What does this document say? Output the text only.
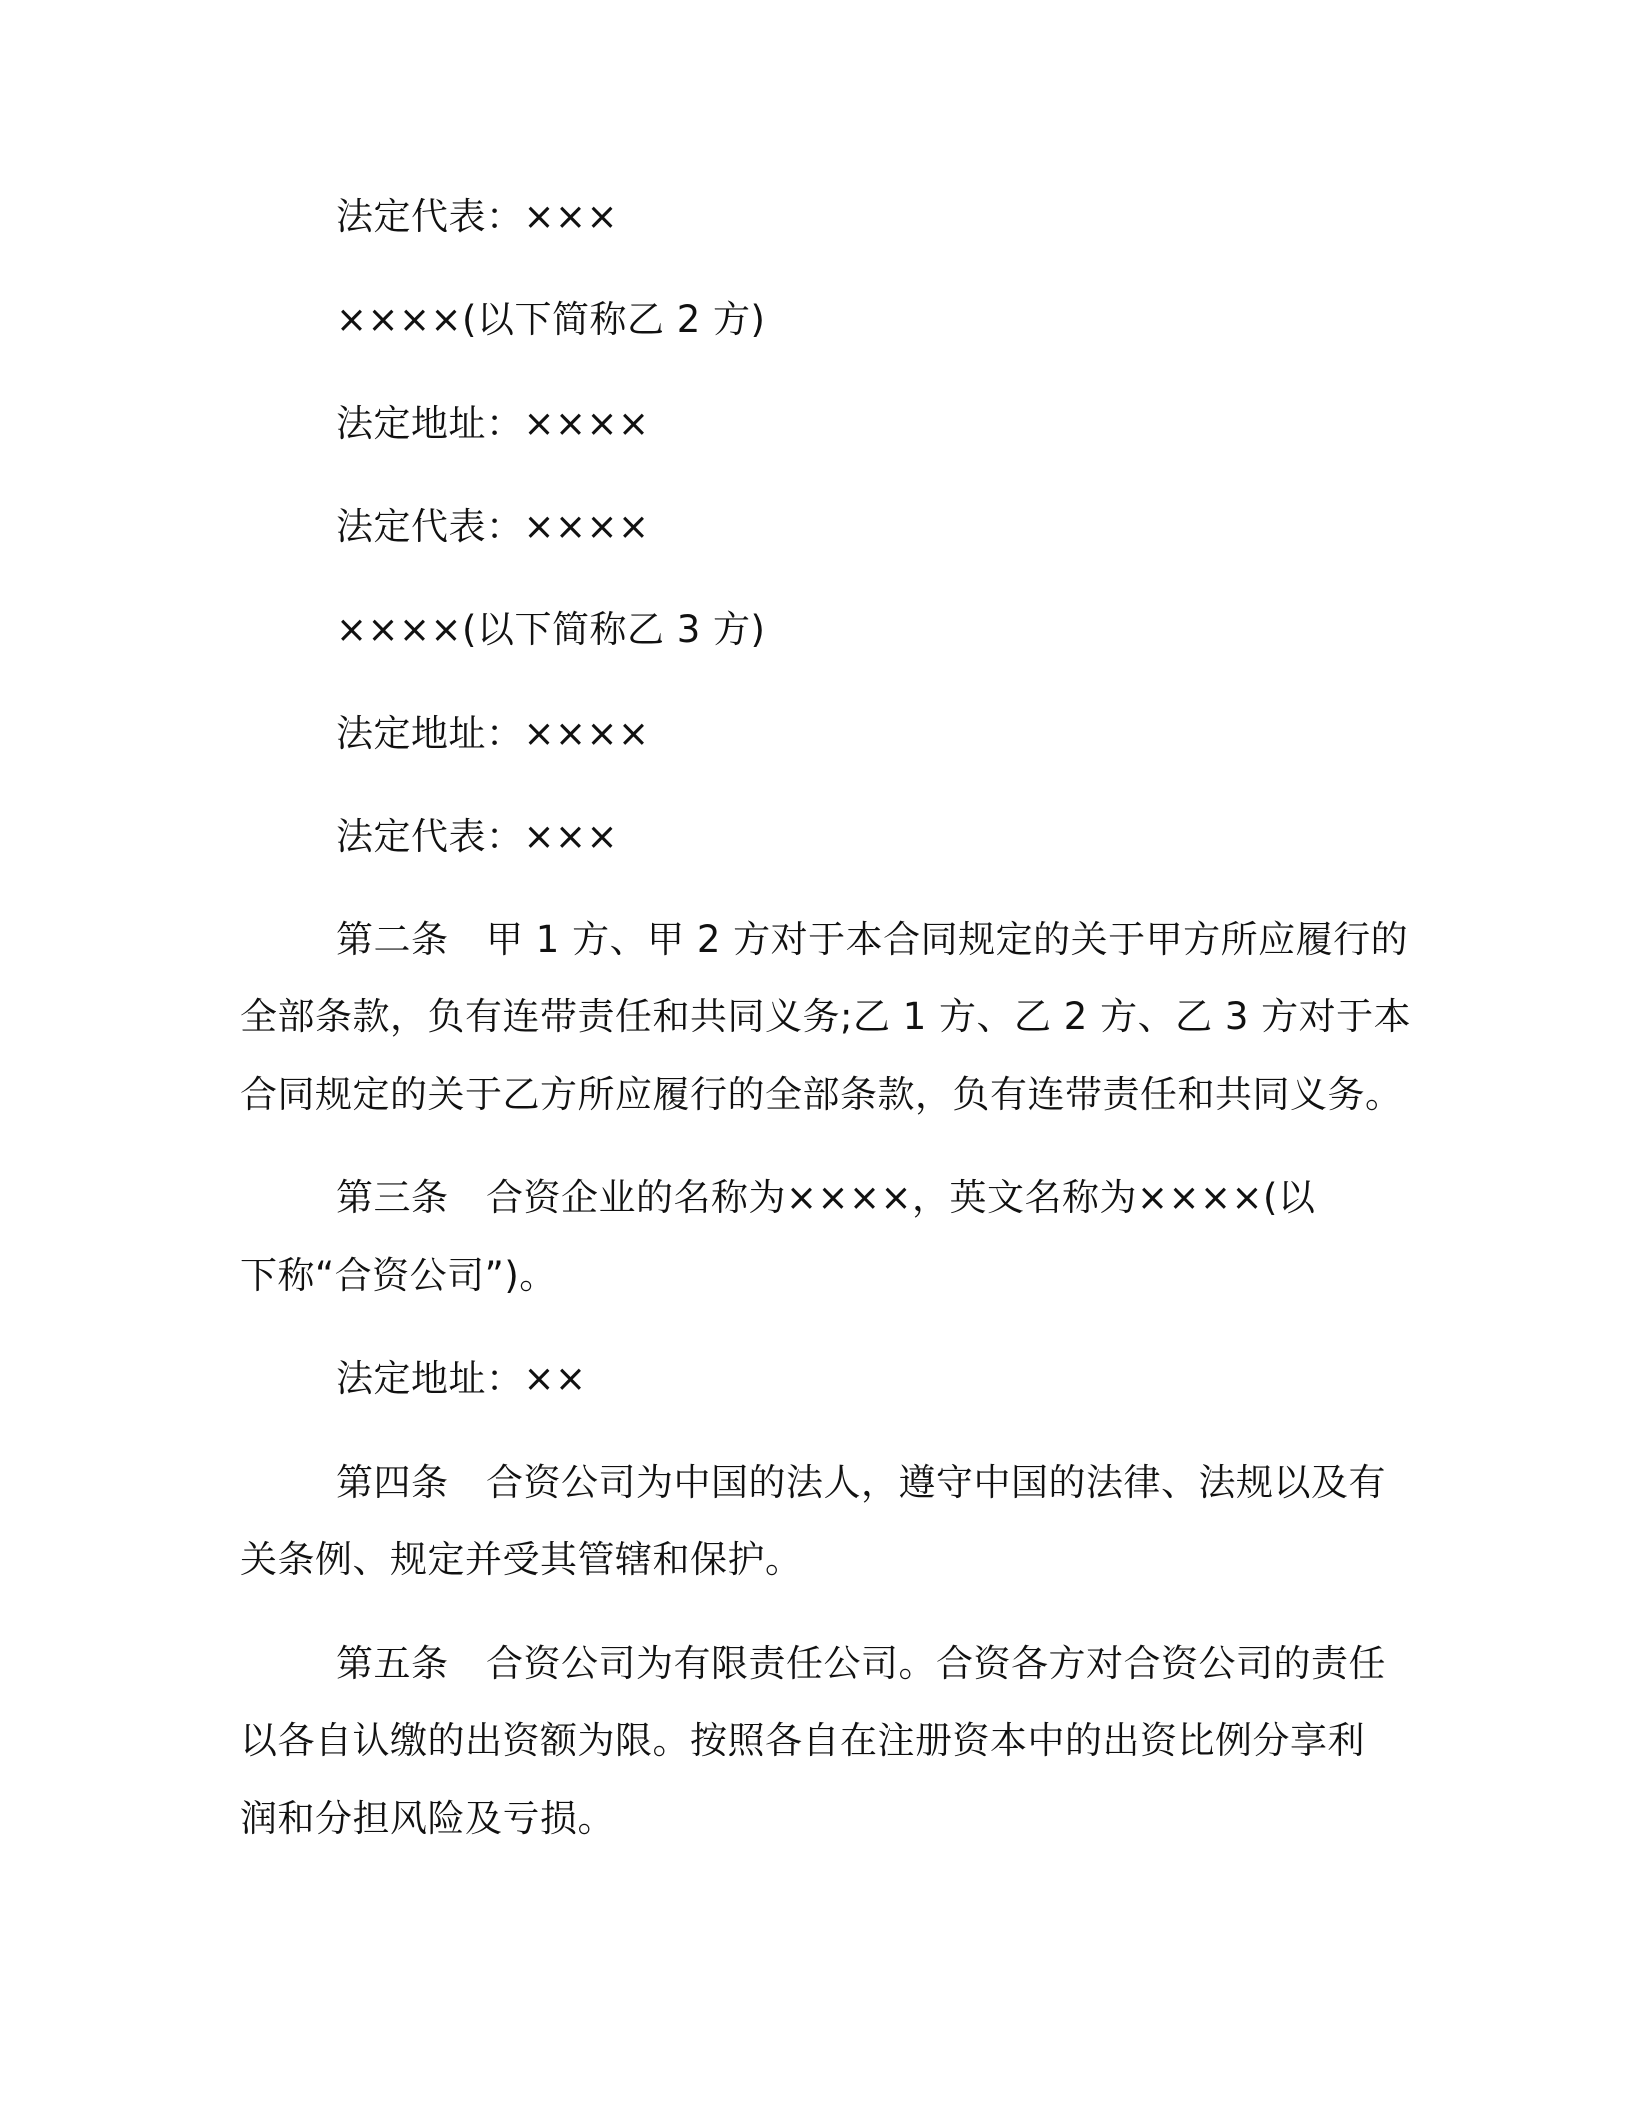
法定代表：×××
××××(以下简称乙 2 方)
法定地址：××××
法定代表：××××
××××(以下简称乙 3 方)
法定地址：××××
法定代表：×××
第二条　甲 1 方、甲 2 方对于本合同规定的关于甲方所应履行的
全部条款，负有连带责任和共同义务;乙 1 方、乙 2 方、乙 3 方对于本
合同规定的关于乙方所应履行的全部条款，负有连带责任和共同义务。
第三条　合资企业的名称为××××，英文名称为××××(以
下称“合资公司”)。
法定地址：××
第四条　合资公司为中国的法人，遵守中国的法律、法规以及有
关条例、规定并受其管辖和保护。
第五条　合资公司为有限责任公司。合资各方对合资公司的责任
以各自认缴的出资额为限。按照各自在注册资本中的出资比例分享利
润和分担风险及亏损。
